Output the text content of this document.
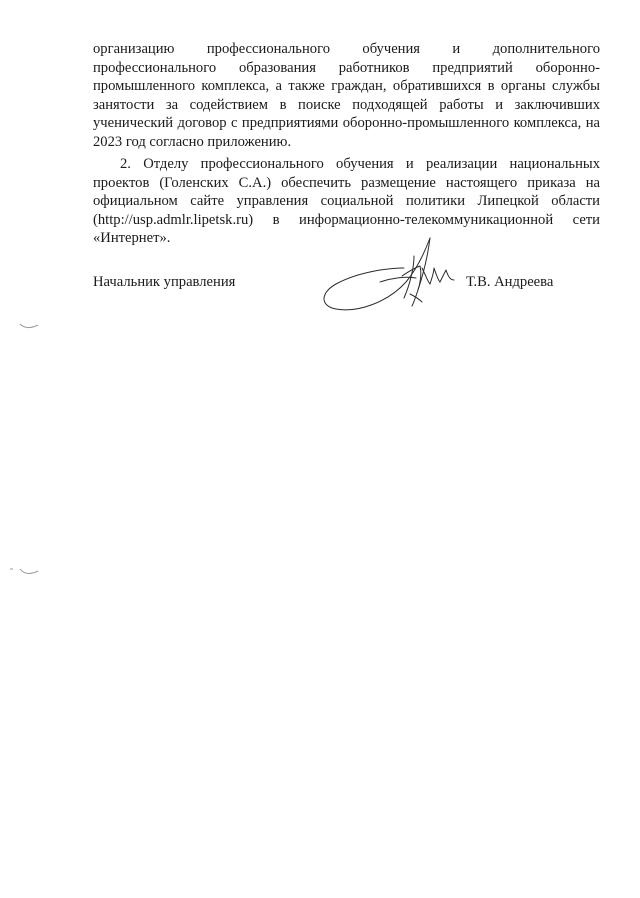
организацию профессионального обучения и дополнительного профессионального образования работников предприятий оборонно-промышленного комплекса, а также граждан, обратившихся в органы службы занятости за содействием в поиске подходящей работы и заключивших ученический договор с предприятиями оборонно-промышленного комплекса, на 2023 год согласно приложению.

2. Отделу профессионального обучения и реализации национальных проектов (Голенских С.А.) обеспечить размещение настоящего приказа на официальном сайте управления социальной политики Липецкой области (http://usp.admlr.lipetsk.ru) в информационно-телекоммуникационной сети «Интернет».

Начальник управления	Т.В. Андреева
